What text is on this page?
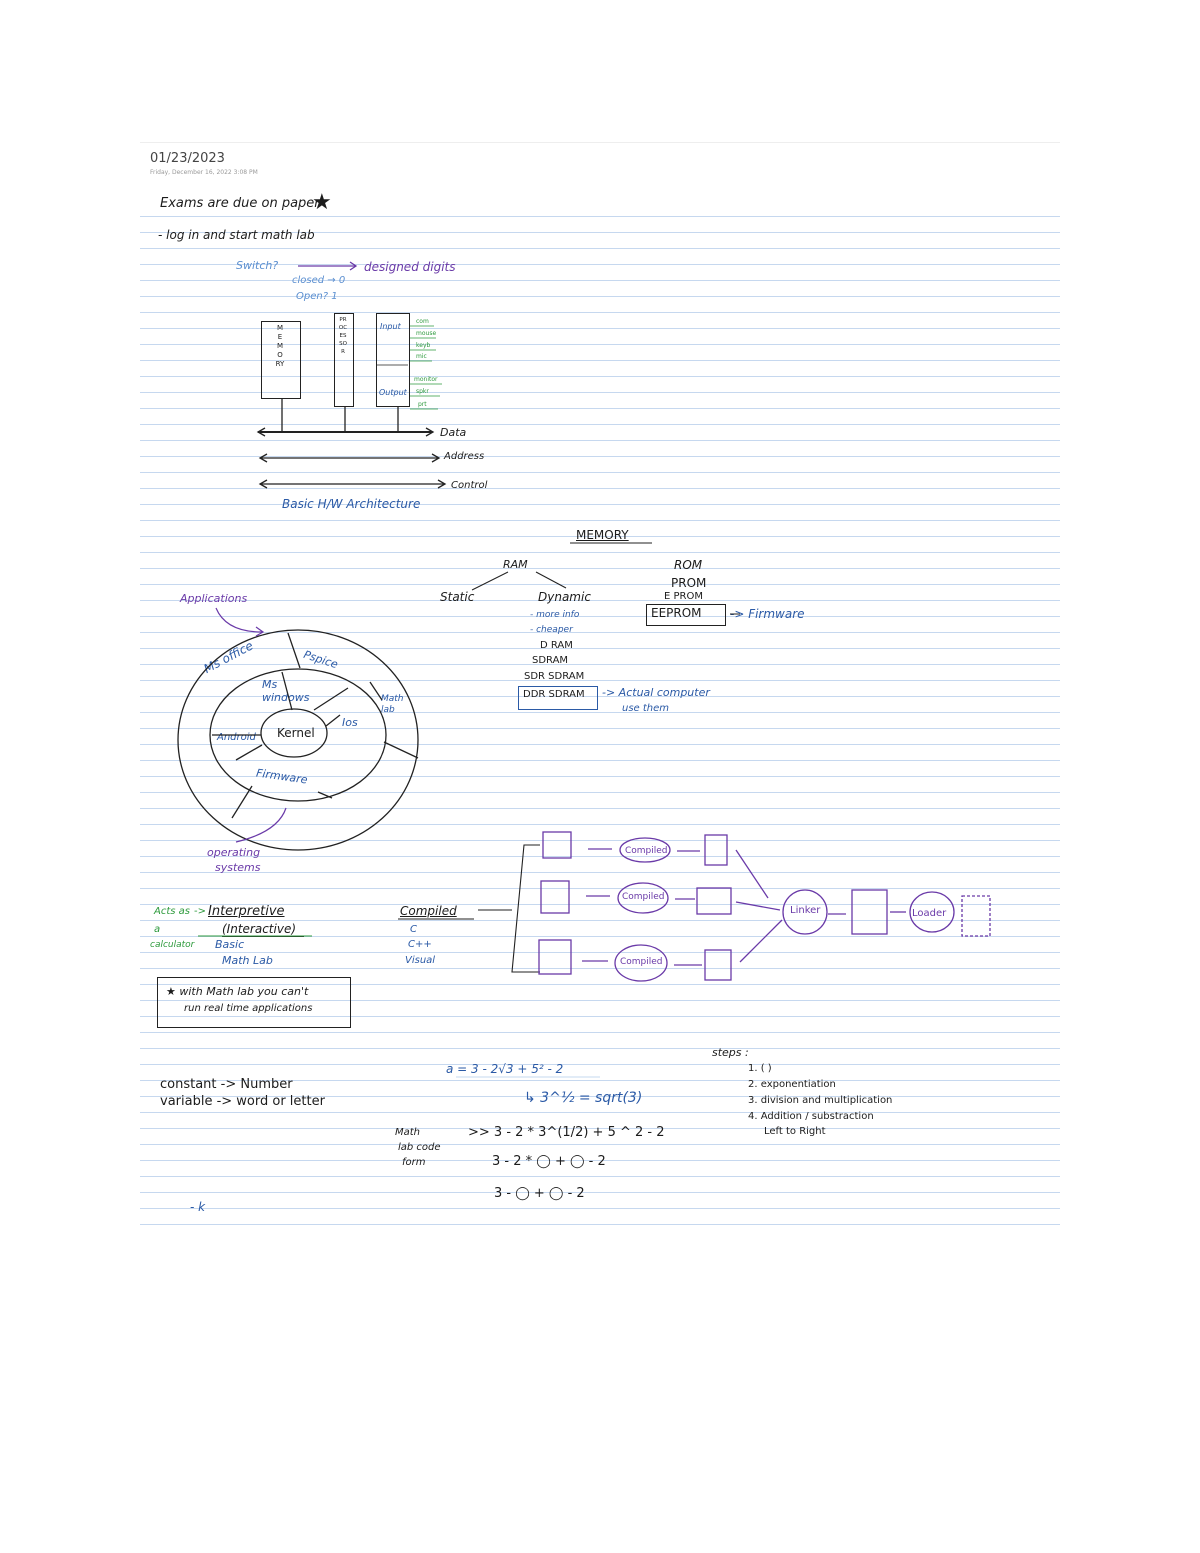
01/23/2023
Friday, December 16, 2022 3:08 PM
Exams are due on paper
★
- log in and start math lab
Switch?	designed digits
closed → 0
Open? 1
MEMORY
PROCESSOR
Input
Output
com
mouse
keyb
mic
monitor
spkr
prt
Data
Address
Control
Basic H/W Architecture
MEMORY
RAM
Static	Dynamic
- more info
- cheaper
D RAM
SDRAM
SDR SDRAM
DDR SDRAM -> Actual computer
use them
ROM
PROM
E PROM
EEPROM -> Firmware
Applications
operating
systems
Ms office	Pspice
Math lab
Ms windows
Android
Ios
Firmware
Kernel
Acts as
a
calculator
-> Interpretive
(Interactive)
Basic
Math Lab
★ with Math lab you can't
run real time applications
Compiled
C
C++
Visual
Compiled
Compiled
Compiled
Linker	Loader
a = 3 - 2√3 + 5² - 2
↳ 3^½ = sqrt(3)
Math
lab code
form
>> 3 - 2 * 3^(1/2) + 5 ^ 2 - 2
3 - 2 * ◯ + ◯ - 2
3 - ◯ + ◯ - 2
constant -> Number
variable -> word or letter
steps :
1. ( )
2. exponentiation
3. division and multiplication
4. Addition / substraction
Left to Right
- k
